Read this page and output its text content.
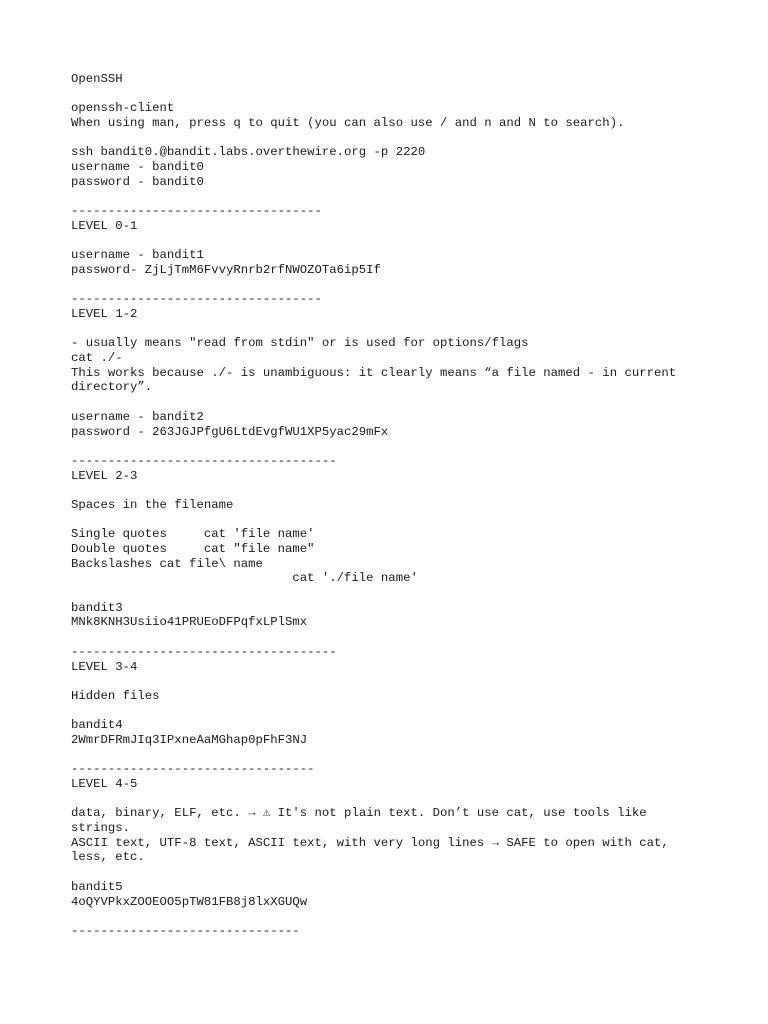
OpenSSH
openssh-client
When using man, press q to quit (you can also use / and n and N to search).
ssh bandit0.@bandit.labs.overthewire.org -p 2220
username - bandit0
password - bandit0
----------------------------------
LEVEL 0-1
username - bandit1
password- ZjLjTmM6FvvyRnrb2rfNWOZOTa6ip5If
----------------------------------
LEVEL 1-2
- usually means "read from stdin" or is used for options/flags
cat ./-
This works because ./- is unambiguous: it clearly means “a file named - in current
directory”.
username - bandit2
password - 263JGJPfgU6LtdEvgfWU1XP5yac29mFx
------------------------------------
LEVEL 2-3
Spaces in the filename
Single quotes     cat 'file name'
Double quotes     cat "file name"
Backslashes cat file\ name
cat './file name'
bandit3
MNk8KNH3Usiio41PRUEoDFPqfxLPlSmx
------------------------------------
LEVEL 3-4
Hidden files
bandit4
2WmrDFRmJIq3IPxneAaMGhap0pFhF3NJ
---------------------------------
LEVEL 4-5
data, binary, ELF, etc. → ⚠ It's not plain text. Don’t use cat, use tools like
strings.
ASCII text, UTF-8 text, ASCII text, with very long lines → SAFE to open with cat,
less, etc.
bandit5
4oQYVPkxZOOEOO5pTW81FB8j8lxXGUQw
-------------------------------
